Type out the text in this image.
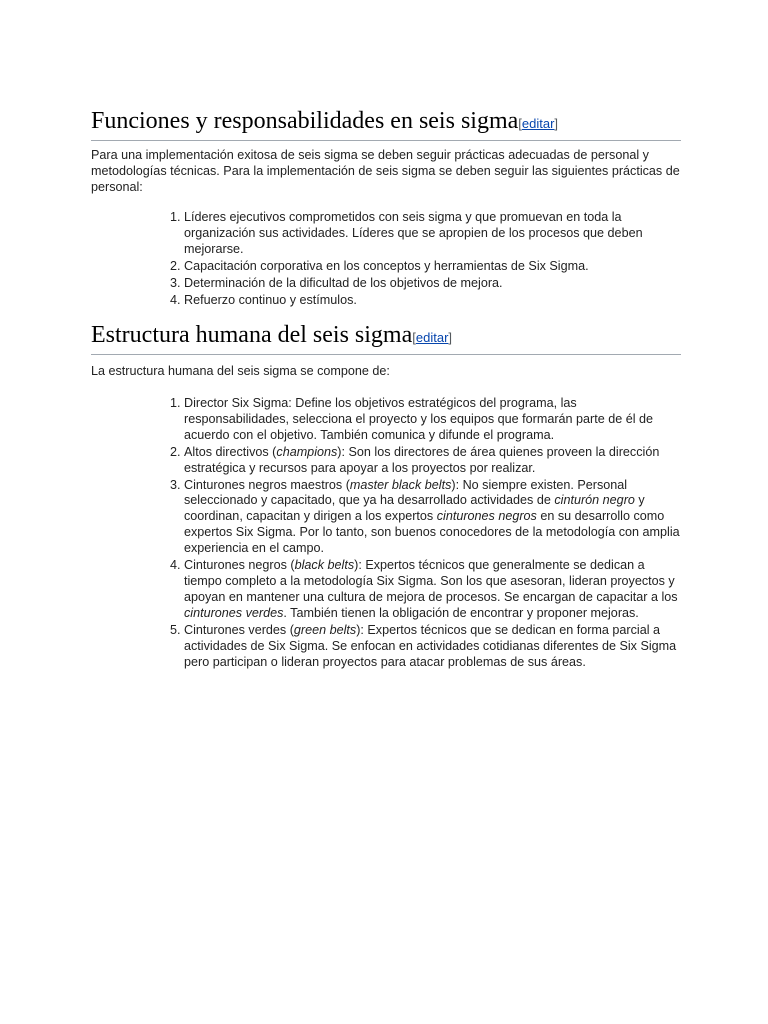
Funciones y responsabilidades en seis sigma[editar]

Para una implementación exitosa de seis sigma se deben seguir prácticas adecuadas de personal y metodologías técnicas. Para la implementación de seis sigma se deben seguir las siguientes prácticas de personal:

1. Líderes ejecutivos comprometidos con seis sigma y que promuevan en toda la organización sus actividades. Líderes que se apropien de los procesos que deben mejorarse.
2. Capacitación corporativa en los conceptos y herramientas de Six Sigma.
3. Determinación de la dificultad de los objetivos de mejora.
4. Refuerzo continuo y estímulos.
Estructura humana del seis sigma[editar]

La estructura humana del seis sigma se compone de:

1. Director Six Sigma: Define los objetivos estratégicos del programa, las responsabilidades, selecciona el proyecto y los equipos que formarán parte de él de acuerdo con el objetivo. También comunica y difunde el programa.
2. Altos directivos (champions): Son los directores de área quienes proveen la dirección estratégica y recursos para apoyar a los proyectos por realizar.
3. Cinturones negros maestros (master black belts): No siempre existen. Personal seleccionado y capacitado, que ya ha desarrollado actividades de cinturón negro y coordinan, capacitan y dirigen a los expertos cinturones negros en su desarrollo como expertos Six Sigma. Por lo tanto, son buenos conocedores de la metodología con amplia experiencia en el campo.
4. Cinturones negros (black belts): Expertos técnicos que generalmente se dedican a tiempo completo a la metodología Six Sigma. Son los que asesoran, lideran proyectos y apoyan en mantener una cultura de mejora de procesos. Se encargan de capacitar a los cinturones verdes. También tienen la obligación de encontrar y proponer mejoras.
5. Cinturones verdes (green belts): Expertos técnicos que se dedican en forma parcial a actividades de Six Sigma. Se enfocan en actividades cotidianas diferentes de Six Sigma pero participan o lideran proyectos para atacar problemas de sus áreas.
